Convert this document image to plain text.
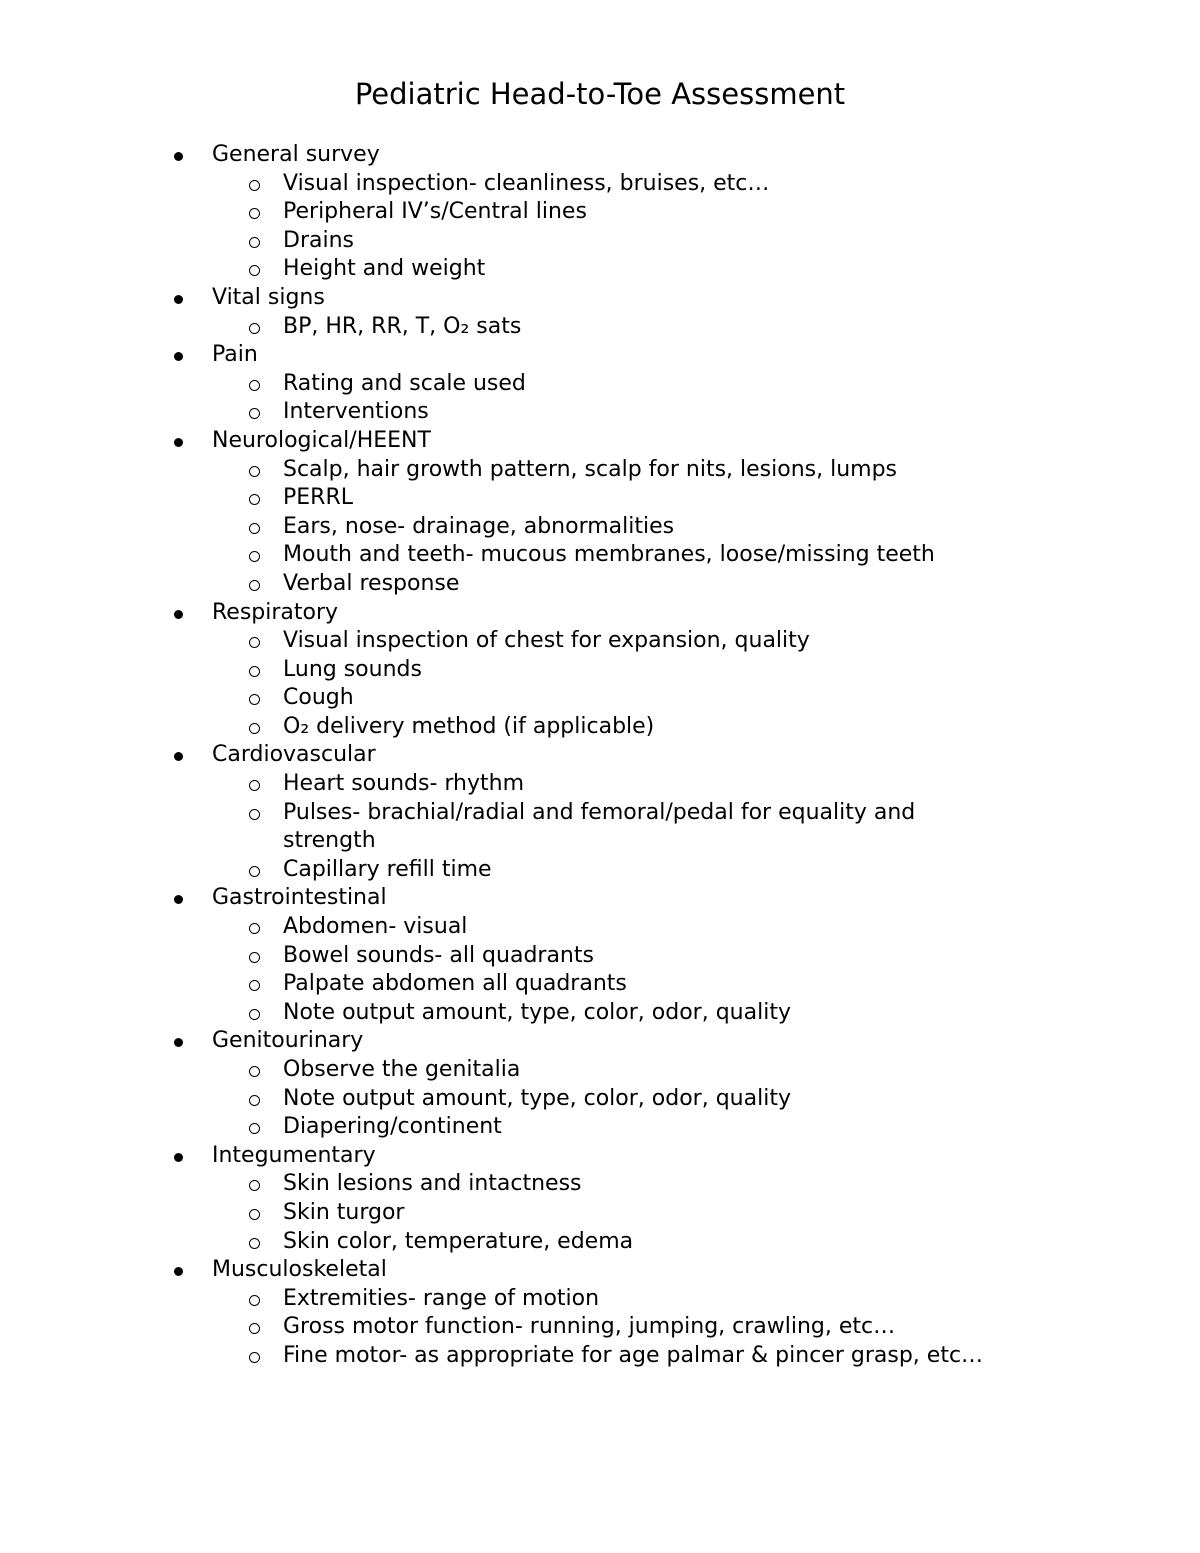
Pediatric Head-to-Toe Assessment
General survey
Visual inspection- cleanliness, bruises, etc…
Peripheral IV’s/Central lines
Drains
Height and weight
Vital signs
BP, HR, RR, T, O₂ sats
Pain
Rating and scale used
Interventions
Neurological/HEENT
Scalp, hair growth pattern, scalp for nits, lesions, lumps
PERRL
Ears, nose- drainage, abnormalities
Mouth and teeth- mucous membranes, loose/missing teeth
Verbal response
Respiratory
Visual inspection of chest for expansion, quality
Lung sounds
Cough
O₂ delivery method (if applicable)
Cardiovascular
Heart sounds- rhythm
Pulses- brachial/radial and femoral/pedal for equality and strength
Capillary refill time
Gastrointestinal
Abdomen- visual
Bowel sounds- all quadrants
Palpate abdomen all quadrants
Note output amount, type, color, odor, quality
Genitourinary
Observe the genitalia
Note output amount, type, color, odor, quality
Diapering/continent
Integumentary
Skin lesions and intactness
Skin turgor
Skin color, temperature, edema
Musculoskeletal
Extremities- range of motion
Gross motor function- running, jumping, crawling, etc…
Fine motor- as appropriate for age palmar & pincer grasp, etc…
